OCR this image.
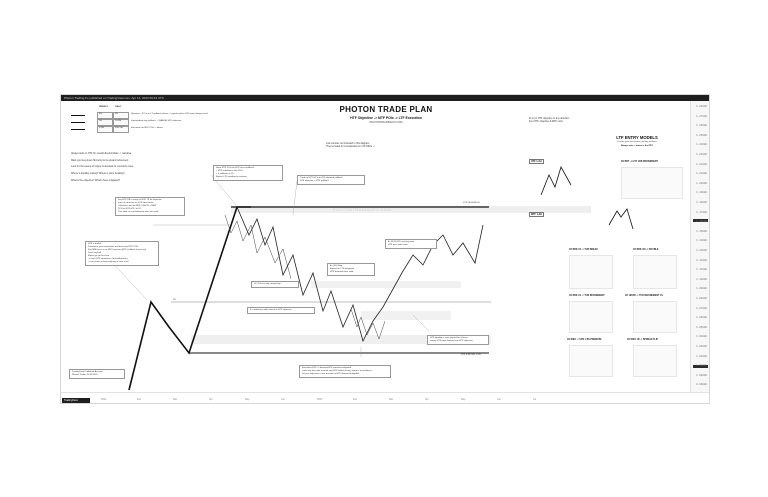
Photon Trading Fx published on TradingView.com, Apr 14, 2023 09:43 UTC
PHOTONTRADINGFX.COM
PHOTON TRADE PLAN
HTF Objective -> MTF POIs -> LTF Execution
PHOTONTRADINGFX.COM
WEEKLY	DAILY
4H	1H	Narrative - IF 1st or LT pullback above -> signals where HTF may change trend
1H	15-5M	Intermediate key pullback - CHANGE HTF objective
5-1M	30S-1M	Execution for MTF POIs + above

Always start on HTF for overall direction/bias -> narrative.

Mark your key-down fib-bump & its upward refinement.

Look for the sweep of supply & demand for execution ones.

Where is liquidity resting? Where is price heading?

What is the objective? What's been mitigated?

Link minutes not included in this diagram.
They're listed for consideration in LTF MM's ->
IF it's in HTF objective in any direction
then HTF objective & MTF entry
HTF is bullish
Determine your extremities and bias from HTF POIs
Key MM focus is on HTF key point (HTF pullback low to set)
Don't buy/sell
Marks go on the chart
-> mark HTF extremities (bullish/bearish)
-> no reason to buy anything in here at all
Key HTF PB's swing on MTF TF for objective
most of structure no HTF time frame
Otherwise wait for MTF CHoCH = NEW
POI for MTF HTF, to 1D
This adds no consideration what we need
Have MTF POIs for HTF focus pullback
+ MTF imbalance with FVG
+ a pullback to 1D
Expect LTF trending to continue	Trade at HTF HP into HTF demand pullback
HTF objective = HTF pullback
1D: Price is key swing/chop
E - imbalance with refined to HTF objective
A - (ID) Mitig.
Expect for LTF mitigation
HTF demand zone valid
A - BOS HTF new leg zone
HTF price path seen
HTF liquidity is now aligned for 4 bears
sweep HTF high starting from HTF objective
Execution HTF -> demand HTF premium mitigated
Look only that side to mark only HTF bullish facing, there is no evidence
Do you only want a new reaction to HTF demand mitigated
HTF HIGH/HIGH
HTF STRONG LOW
PD
LTF ENTRY MODELS
Decide your bias before getting involved
Always ask -> where's the PD?
HTF 1-2H
MTF 1-2H
1D BRT -> HTF 1DB REFINEMENT
1D BRK 1S -> TUR BREAK	1D BRK 1M -> DOUBLE
1D BRK 1S -> TUR REFINEMENT	1D 1M BR -> TUR REFINEMENT 1S
1D IBEX -> UPS 1 BS PREMIUM	1D IBEX 1D -> SPREAD FLIP
1.28000
1.27000
1.26000
1.25000
1.24000
1.23000
1.22000
1.21000
1.20000
1.19000
1.18000
1.17000
1.16000
1.15000
1.14000
1.13000
1.12000
1.11000
1.10000
1.09000
1.08000
1.07000
1.06000
1.05000
1.04000
1.03000
1.02000
1.01000
1.00000
0.99000
TradingView Published Account
Photon Trader 15.06.2023
TradingView	2022	Feb	Mar	Apr	May	Jun	2023	Feb	Mar	Apr	May	Jun	Jul
